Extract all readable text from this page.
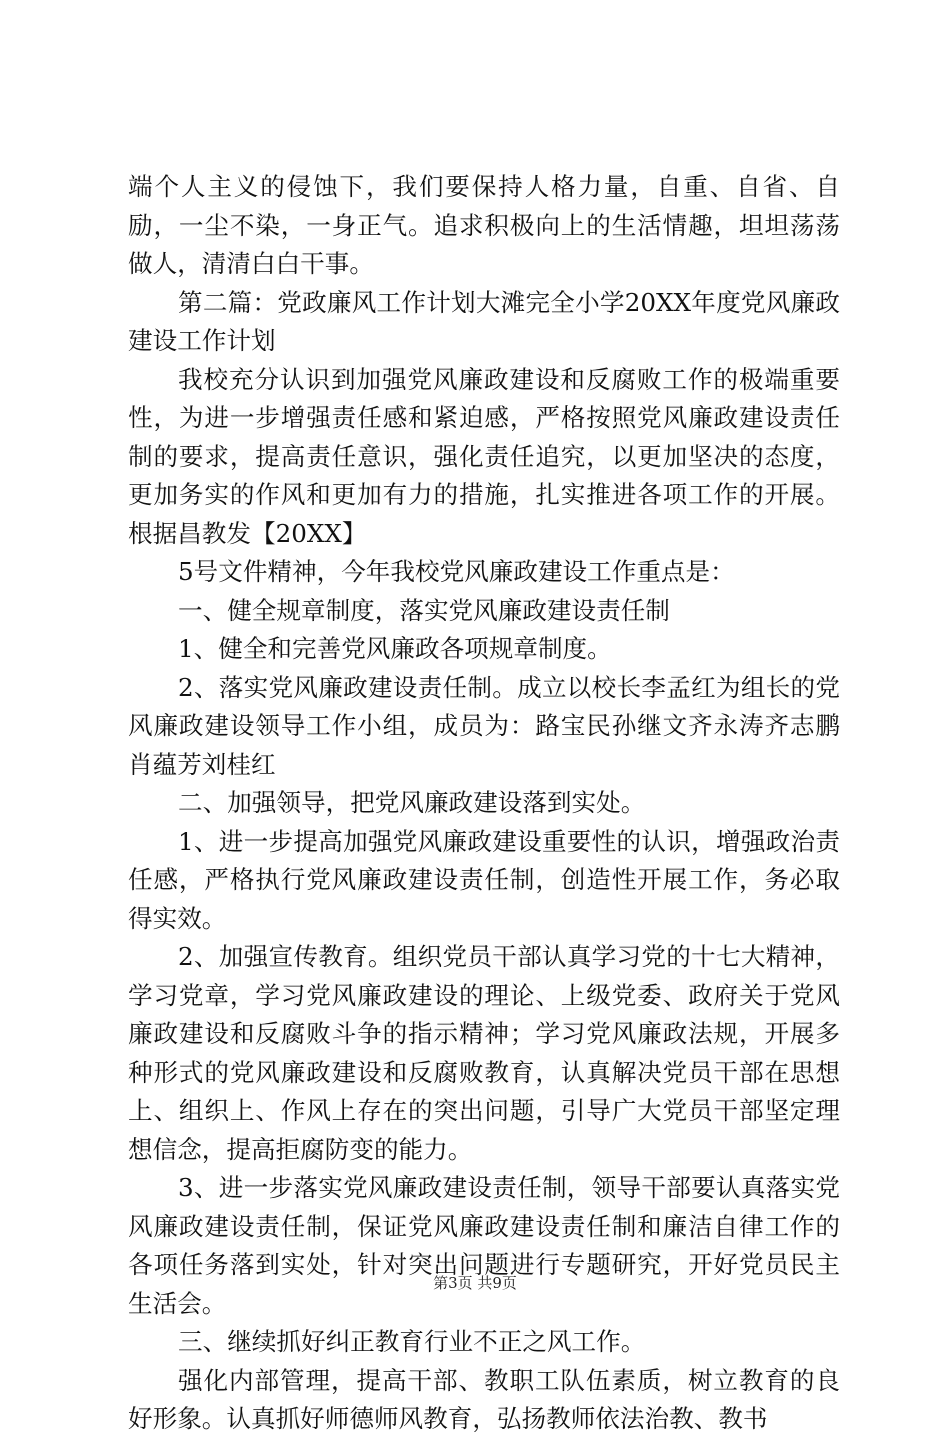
端个人主义的侵蚀下，我们要保持人格力量，自重、自省、自励，一尘不染，一身正气。追求积极向上的生活情趣，坦坦荡荡做人，清清白白干事。

第二篇：党政廉风工作计划大滩完全小学20XX年度党风廉政建设工作计划

我校充分认识到加强党风廉政建设和反腐败工作的极端重要性，为进一步增强责任感和紧迫感，严格按照党风廉政建设责任制的要求，提高责任意识，强化责任追究，以更加坚决的态度，更加务实的作风和更加有力的措施，扎实推进各项工作的开展。根据昌教发【20XX】

5号文件精神，今年我校党风廉政建设工作重点是：

一、健全规章制度，落实党风廉政建设责任制

1、健全和完善党风廉政各项规章制度。

2、落实党风廉政建设责任制。成立以校长李孟红为组长的党风廉政建设领导工作小组，成员为：路宝民孙继文齐永涛齐志鹏肖蕴芳刘桂红

二、加强领导，把党风廉政建设落到实处。

1、进一步提高加强党风廉政建设重要性的认识，增强政治责任感，严格执行党风廉政建设责任制，创造性开展工作，务必取得实效。

2、加强宣传教育。组织党员干部认真学习党的十七大精神，学习党章，学习党风廉政建设的理论、上级党委、政府关于党风廉政建设和反腐败斗争的指示精神；学习党风廉政法规，开展多种形式的党风廉政建设和反腐败教育，认真解决党员干部在思想上、组织上、作风上存在的突出问题，引导广大党员干部坚定理想信念，提高拒腐防变的能力。

3、进一步落实党风廉政建设责任制，领导干部要认真落实党风廉政建设责任制，保证党风廉政建设责任制和廉洁自律工作的各项任务落到实处，针对突出问题进行专题研究，开好党员民主生活会。

三、继续抓好纠正教育行业不正之风工作。

强化内部管理，提高干部、教职工队伍素质，树立教育的良好形象。认真抓好师德师风教育，弘扬教师依法治教、教书

第3页 共9页
